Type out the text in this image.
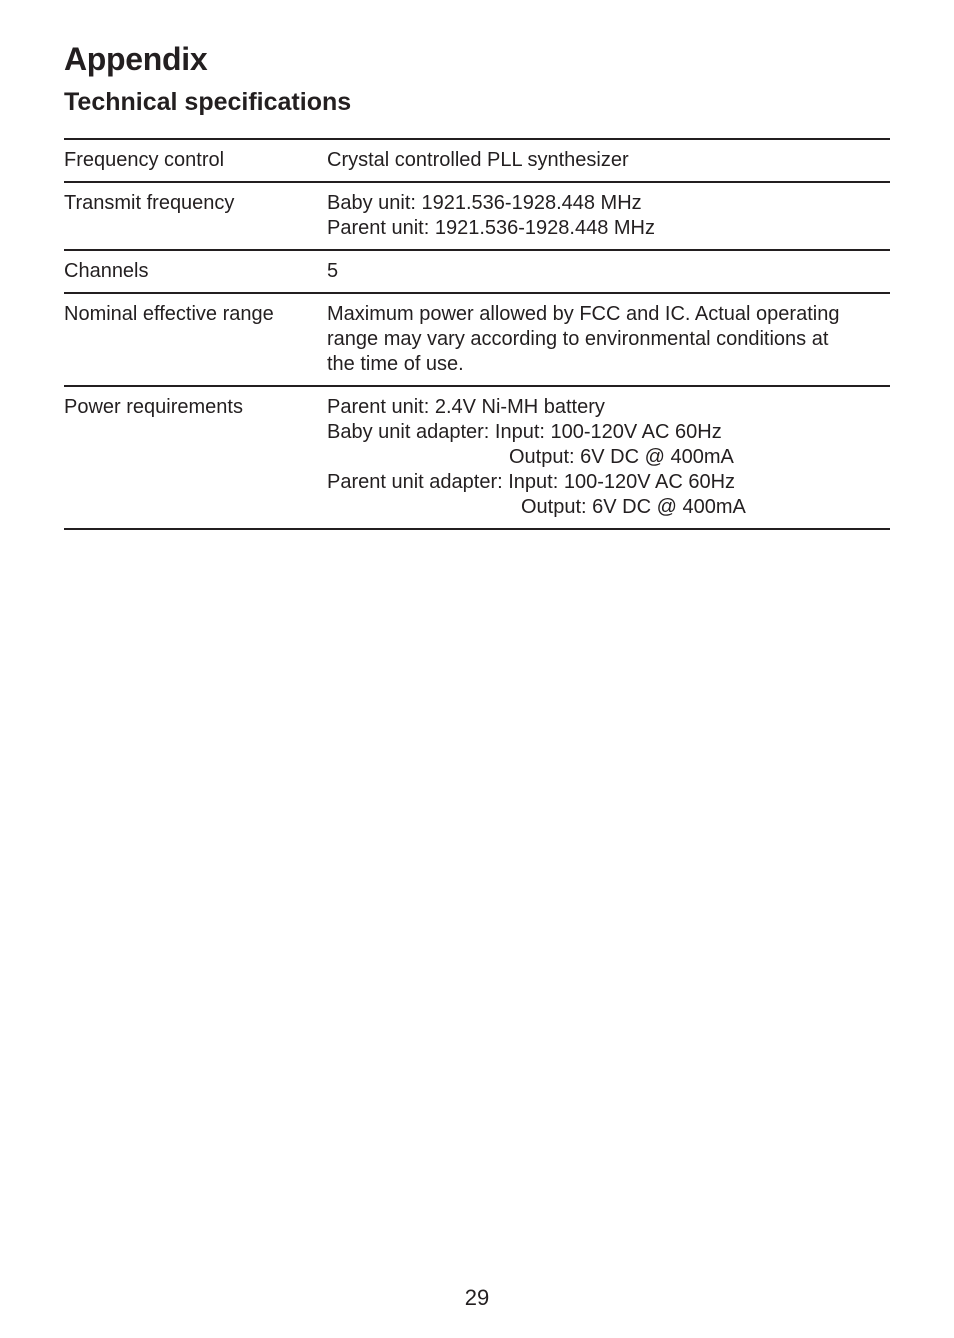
Appendix
Technical specifications
Frequency control	Crystal controlled PLL synthesizer
Transmit frequency	Baby unit: 1921.536-1928.448 MHz
Parent unit: 1921.536-1928.448 MHz
Channels	5
Nominal effective range	Maximum power allowed by FCC and IC. Actual operating
range may vary according to environmental conditions at
the time of use.
Power requirements	Parent unit: 2.4V Ni-MH battery
Baby unit adapter: Input: 100-120V AC 60Hz
Output: 6V DC @ 400mA
Parent unit adapter: Input: 100-120V AC 60Hz
Output: 6V DC @ 400mA
29
